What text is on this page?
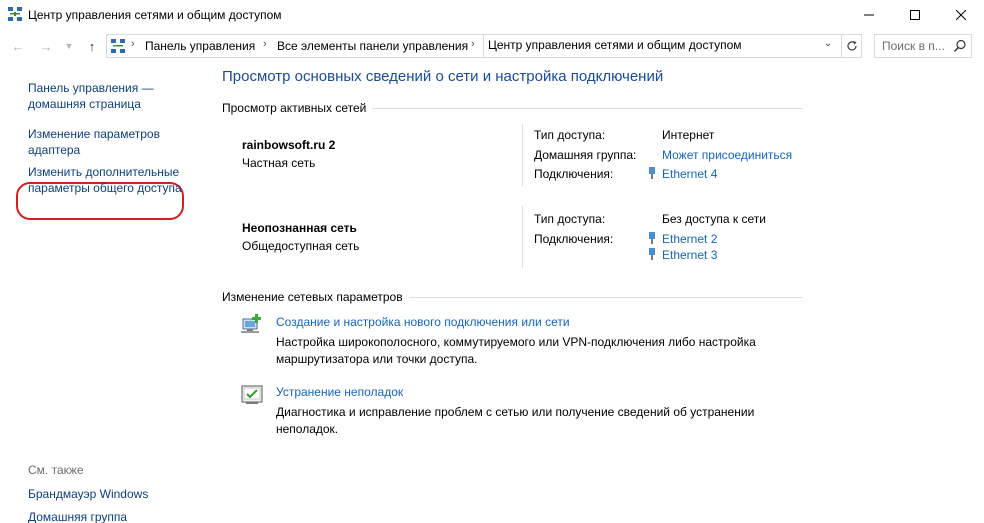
Центр управления сетями и общим доступом
← → ▼ ↑	› Панель управления › Все элементы панели управления ›	Центр управления сетями и общим доступом	⌄	Поиск в п...
Панель управления — домашняя страница
Изменение параметров адаптера
Изменить дополнительные параметры общего доступа
См. также
Брандмауэр Windows
Домашняя группа
Просмотр основных сведений о сети и настройка подключений
Просмотр активных сетей
rainbowsoft.ru 2
Частная сеть
Тип доступа:	Интернет
Домашняя группа: Может присоединиться
Подключения:	Ethernet 4
Неопознанная сеть
Общедоступная сеть
Тип доступа:	Без доступа к сети
Подключения:	Ethernet 2
Ethernet 3
Изменение сетевых параметров
Создание и настройка нового подключения или сети
Настройка широкополосного, коммутируемого или VPN-подключения либо настройка маршрутизатора или точки доступа.
Устранение неполадок
Диагностика и исправление проблем с сетью или получение сведений об устранении неполадок.
